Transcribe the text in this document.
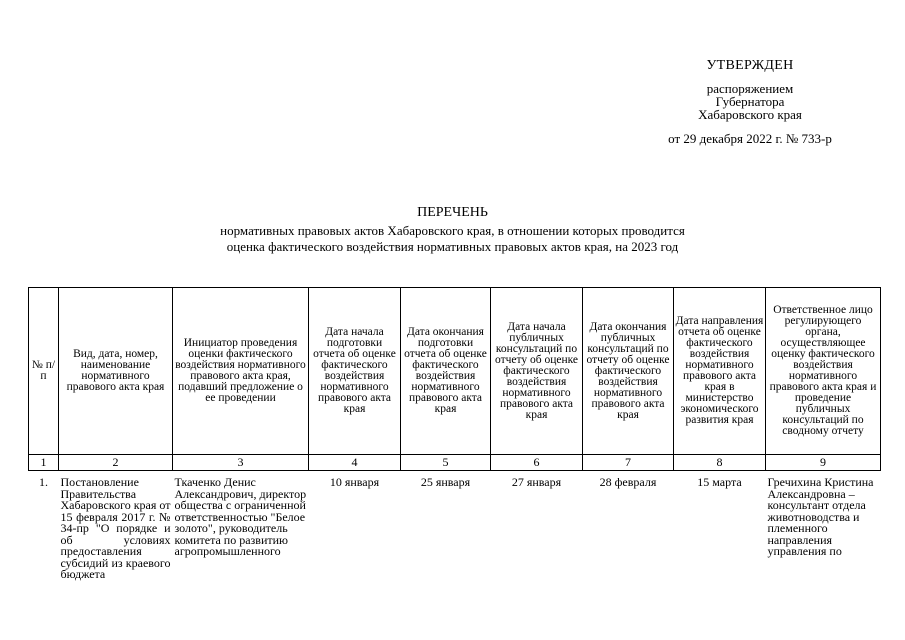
УТВЕРЖДЕН
распоряжением
Губернатора
Хабаровского края
от 29 декабря 2022 г. № 733-р
ПЕРЕЧЕНЬ
нормативных правовых актов Хабаровского края, в отношении которых проводится
оценка фактического воздействия нормативных правовых актов края, на 2023 год
№ п/п	Вид, дата, номер, наименование нормативного правового акта края	Инициатор проведения оценки фактического воздействия нормативного правового акта края, подавший предложение о ее проведении	Дата начала подготовки отчета об оценке фактического воздействия нормативного правового акта края	Дата окончания подготовки отчета об оценке фактического воздействия нормативного правового акта края	Дата начала публичных консультаций по отчету об оценке фактического воздействия нормативного правового акта края	Дата окончания публичных консультаций по отчету об оценке фактического воздействия нормативного правового акта края	Дата направления отчета об оценке фактического воздействия нормативного правового акта края в министерство экономического развития края	Ответственное лицо регулирующего органа, осуществляющее оценку фактического воздействия нормативного правового акта края и проведение публичных консультаций по сводному отчету
1	2	3	4	5	6	7	8	9

1.	Постановление Правительства Хабаровского края от 15 февраля 2017 г. № 34-пр "О порядке и об условиях предоставления субсидий из краевого бюджета	Ткаченко Денис Александрович, директор общества с ограниченной ответственностью "Белое золото", руководитель комитета по развитию агропромышленного	10 января	25 января	27 января	28 февраля	15 марта	Гречихина Кристина Александровна – консультант отдела животноводства и племенного направления управления по
